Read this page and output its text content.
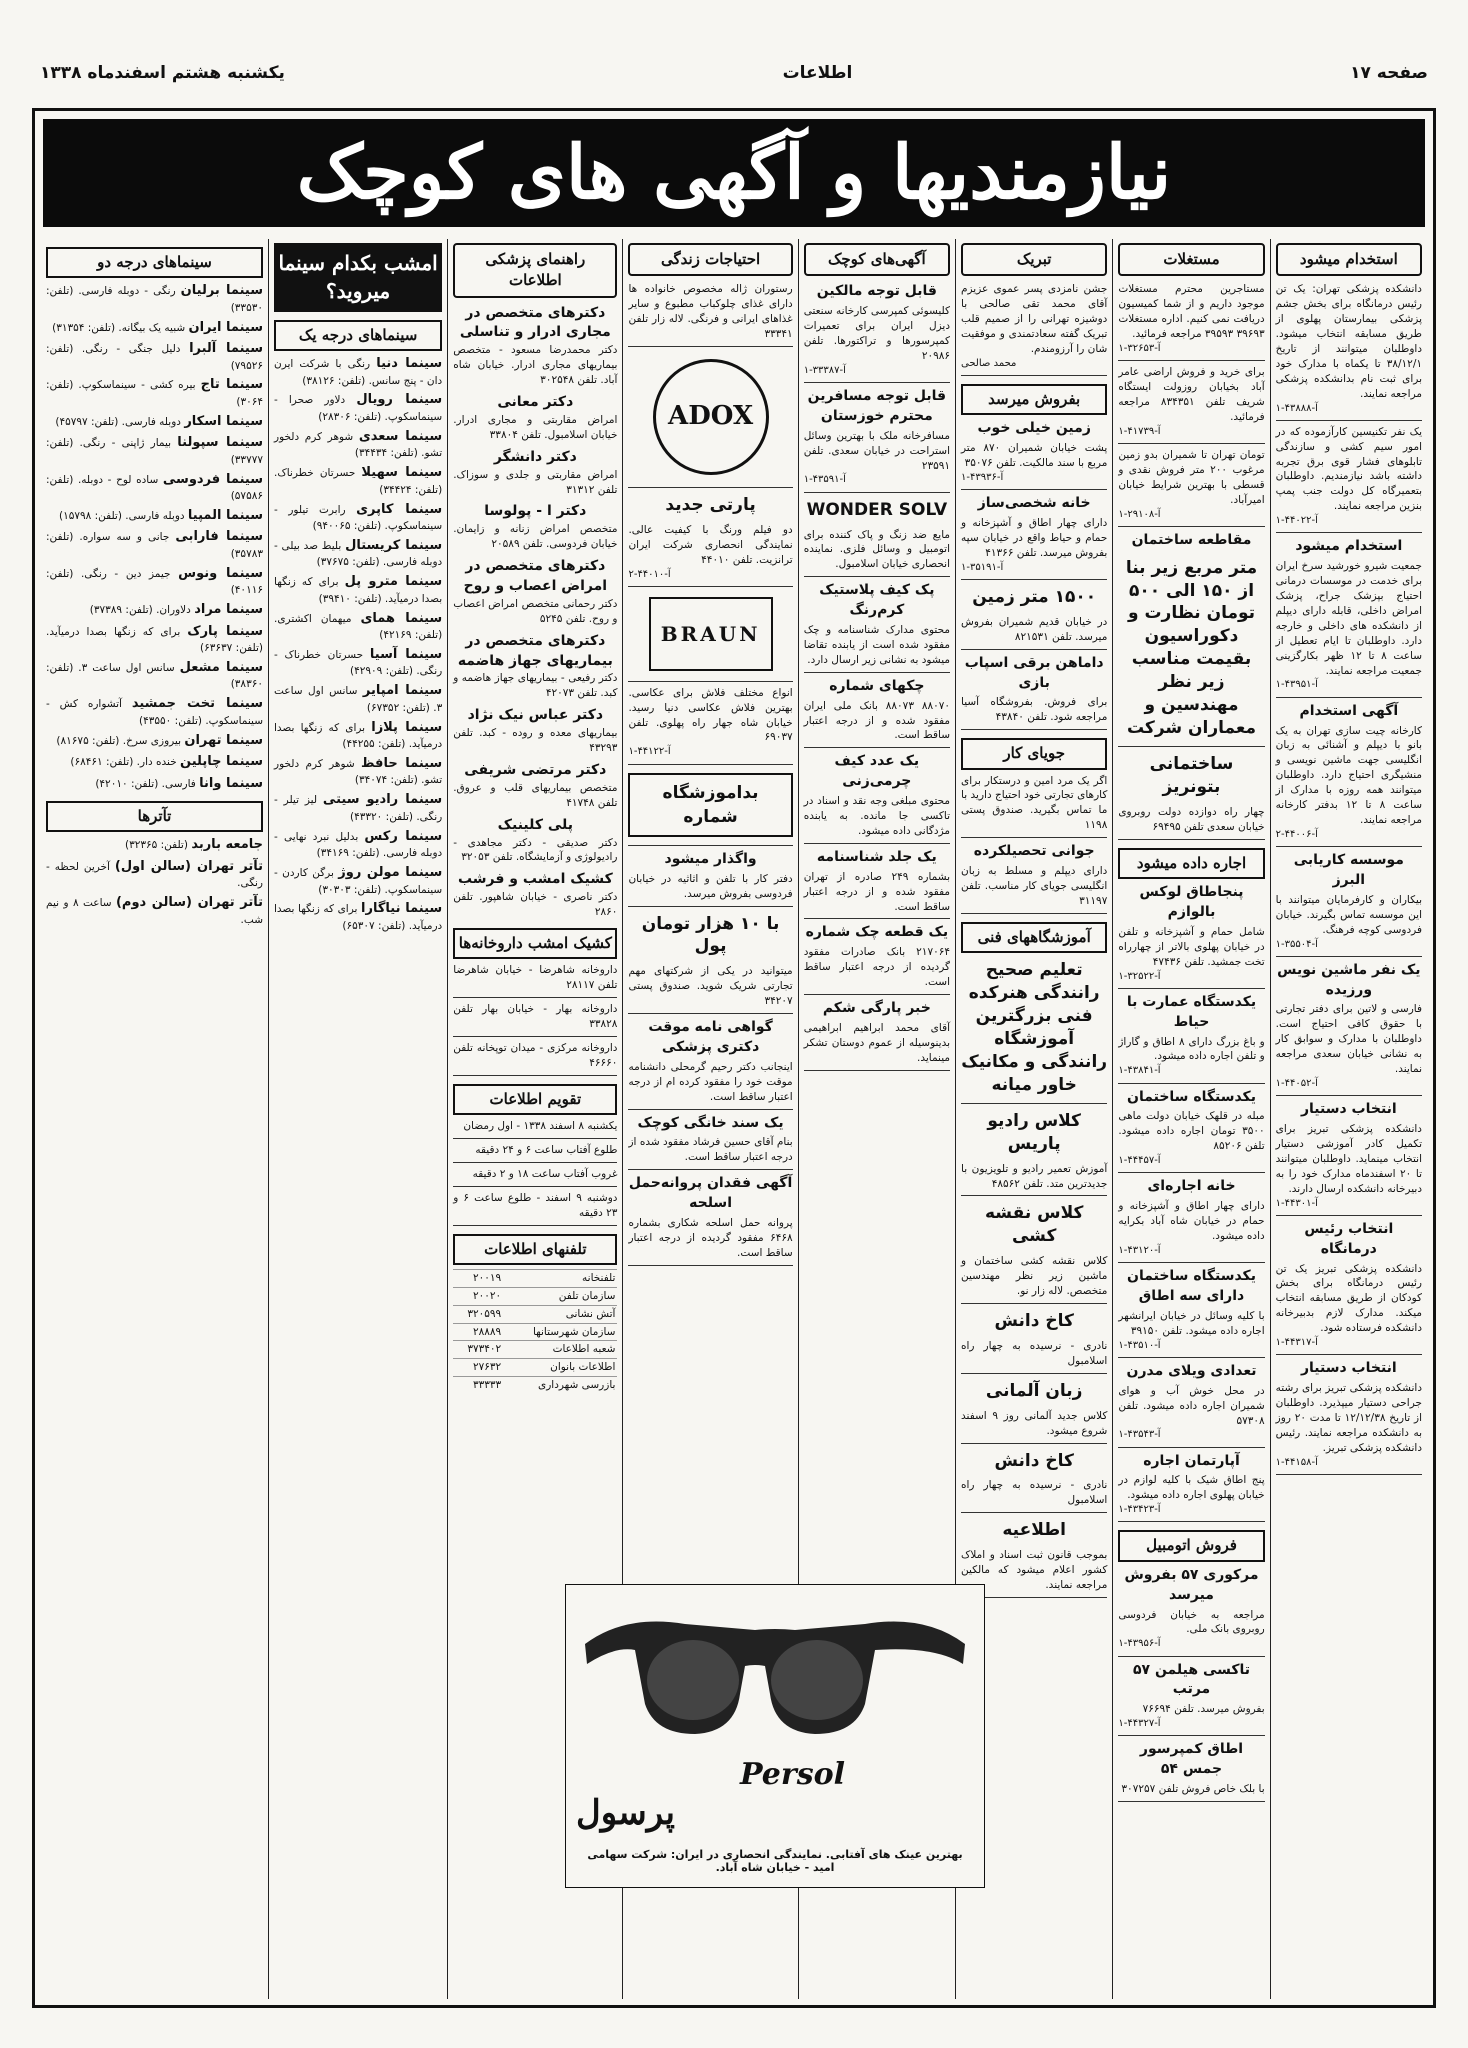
صفحه ۱۷
اطلاعات
یکشنبه هشتم اسفندماه ۱۳۳۸
نیازمندیها و آگهی های کوچک
استخدام میشود
دانشکده پزشکی تهران: یک تن رئیس درمانگاه برای بخش جشم پزشکی بیمارستان پهلوی از طریق مسابقه انتخاب میشود. داوطلبان میتوانند از تاریخ ۳۸/۱۲/۱ تا یکماه با مدارک خود برای ثبت نام بدانشکده پزشکی مراجعه نمایند.
آ-۴۳۸۸۸-۱
یک نفر تکنیسین کارآزموده که در امور سیم کشی و سازندگی تابلوهای فشار قوی برق تجربه داشته باشد نیازمندیم. داوطلبان بتعمیرگاه کل دولت جنب پمپ بنزین مراجعه نمایند.
آ-۴۴۰۲۲-۱
استخدام میشود
جمعیت شیرو خورشید سرخ ایران برای خدمت در موسسات درمانی احتیاج بپزشک جراح، پزشک امراض داخلی، قابله دارای دیپلم از دانشکده های داخلی و خارجه دارد. داوطلبان تا ایام تعطیل از ساعت ۸ تا ۱۲ ظهر بکارگزینی جمعیت مراجعه نمایند.
آ-۴۳۹۵۱-۱
آگهی استخدام
کارخانه چیت سازی تهران به یک بانو با دیپلم و آشنائی به زبان انگلیسی جهت ماشین نویسی و منشیگری احتیاج دارد. داوطلبان میتوانند همه روزه با مدارک از ساعت ۸ تا ۱۲ بدفتر کارخانه مراجعه نمایند.
آ-۴۴۰۰۶-۲
موسسه کاریابی البرز
بیکاران و کارفرمایان میتوانند با این موسسه تماس بگیرند. خیابان فردوسی کوچه فرهنگ.
آ-۳۵۵۰۴-۱
یک نفر ماشین نویس ورزیده
فارسی و لاتین برای دفتر تجارتی با حقوق کافی احتیاج است. داوطلبان با مدارک و سوابق کار به نشانی خیابان سعدی مراجعه نمایند.
آ-۴۴۰۵۲-۱
انتخاب دستیار
دانشکده پزشکی تبریز برای تکمیل کادر آموزشی دستیار انتخاب مینماید. داوطلبان میتوانند تا ۲۰ اسفندماه مدارک خود را به دبیرخانه دانشکده ارسال دارند.
آ-۴۴۳۰۱-۱
انتخاب رئیس درمانگاه
دانشکده پزشکی تبریز یک تن رئیس درمانگاه برای بخش کودکان از طریق مسابقه انتخاب میکند. مدارک لازم بدبیرخانه دانشکده فرستاده شود.
آ-۴۴۳۱۷-۱
انتخاب دستیار
دانشکده پزشکی تبریز برای رشته جراحی دستیار میپذیرد. داوطلبان از تاریخ ۱۲/۱۲/۳۸ تا مدت ۲۰ روز به دانشکده مراجعه نمایند. رئیس دانشکده پزشکی تبریز.
آ-۴۴۱۵۸-۱
مستغلات
مستاجرین محترم مستغلات موجود داریم و از شما کمیسیون دریافت نمی کنیم. اداره مستغلات ۳۹۶۹۳ ۳۹۵۹۳ مراجعه فرمائید.
آ-۳۲۶۵۳-۱
برای خرید و فروش اراضی عامر آباد بخیابان روزولت ایستگاه شریف تلفن ۸۳۴۳۵۱ مراجعه فرمائید.
آ-۴۱۷۳۹-۱
تومان تهران تا شمیران بدو زمین مرغوب ۲۰۰ متر فروش نقدی و قسطی با بهترین شرایط خیابان امیرآباد.
آ-۲۹۱۰۸-۱
مقاطعه ساختمان
متر مربع زیر بنا از ۱۵۰ الی ۵۰۰ تومان نظارت و دکوراسیون بقیمت مناسب زیر نظر مهندسین و معماران شرکت
ساختمانی بتونریز
چهار راه دوازده دولت روبروی خیابان سعدی تلفن ۶۹۴۹۵
اجاره داده میشود
پنجاطاق لوکس بالوازم
شامل حمام و آشپزخانه و تلفن در خیابان پهلوی بالاتر از چهارراه تخت جمشید. تلفن ۴۷۴۳۶
آ-۳۲۵۲۲-۱
یکدستگاه عمارت با حیاط
و باغ بزرگ دارای ۸ اطاق و گاراژ و تلفن اجاره داده میشود.
آ-۴۳۸۴۱-۱
یکدستگاه ساختمان
مبله در قلهک خیابان دولت ماهی ۳۵۰۰ تومان اجاره داده میشود. تلفن ۸۵۲۰۶
آ-۴۴۴۵۷-۱
خانه اجاره‌ای
دارای چهار اطاق و آشپزخانه و حمام در خیابان شاه آباد بکرایه داده میشود.
آ-۴۳۱۲۰-۱
یکدستگاه ساختمان دارای سه اطاق
با کلیه وسائل در خیابان ایرانشهر اجاره داده میشود. تلفن ۳۹۱۵۰
آ-۴۳۵۱۰-۱
تعدادی ویلای مدرن
در محل خوش آب و هوای شمیران اجاره داده میشود. تلفن ۵۷۳۰۸
آ-۴۳۵۴۳-۱
آپارتمان اجاره
پنج اطاق شیک با کلیه لوازم در خیابان پهلوی اجاره داده میشود.
آ-۴۳۴۲۳-۱
فروش اتومبیل
مرکوری ۵۷ بفروش میرسد
مراجعه به خیابان فردوسی روبروی بانک ملی.
آ-۴۳۹۵۶-۱
تاکسی هیلمن ۵۷ مرتب
بفروش میرسد. تلفن ۷۶۶۹۴
آ-۴۴۳۲۷-۱
اطاق کمپرسور جمس ۵۴
با بلک خاص فروش تلفن ۳۰۷۲۵۷
تبریک
جشن نامزدی پسر عموی عزیزم آقای محمد تقی صالحی با دوشیزه تهرانی را از صمیم قلب تبریک گفته سعادتمندی و موفقیت شان را آرزومندم.
محمد صالحی
بفروش میرسد
زمین خیلی خوب
پشت خیابان شمیران ۸۷۰ متر مربع با سند مالکیت. تلفن ۳۵۰۷۶
آ-۴۳۹۳۶-۱
خانه شخصی‌ساز
دارای چهار اطاق و آشپزخانه و حمام و حیاط واقع در خیابان سپه بفروش میرسد. تلفن ۴۱۳۶۶
آ-۳۵۱۹۱-۱
۱۵۰۰ متر زمین
در خیابان قدیم شمیران بفروش میرسد. تلفن ۸۲۱۵۳۱
داماهن برقی اسپاب بازی
برای فروش. بفروشگاه آسیا مراجعه شود. تلفن ۴۳۸۴۰
جویای کار
اگر یک مرد امین و درستکار برای کارهای تجارتی خود احتیاج دارید با ما تماس بگیرید. صندوق پستی ۱۱۹۸
جوانی تحصیلکرده
دارای دیپلم و مسلط به زبان انگلیسی جویای کار مناسب. تلفن ۳۱۱۹۷
آموزشگاههای فنی
تعلیم صحیح رانندگی هنرکده فنی بزرگترین آموزشگاه رانندگی و مکانیک خاور میانه
کلاس رادیو پاریس
آموزش تعمیر رادیو و تلویزیون با جدیدترین متد. تلفن ۴۸۵۶۲
کلاس نقشه کشی
کلاس نقشه کشی ساختمان و ماشین زیر نظر مهندسین متخصص. لاله زار نو.
کاخ دانش
نادری - نرسیده به چهار راه اسلامبول
زبان آلمانی
کلاس جدید آلمانی روز ۹ اسفند شروع میشود.
کاخ دانش
نادری - نرسیده به چهار راه اسلامبول
اطلاعیه
بموجب قانون ثبت اسناد و املاک کشور اعلام میشود که مالکین مراجعه نمایند.
آگهی‌های کوچک
قابل توجه مالکین
کلیسوئی کمپرسی کارخانه سنعتی دیزل ایران برای تعمیرات کمپرسورها و تراکتورها. تلفن ۲۰۹۸۶
آ-۳۳۳۸۷-۱
قابل توجه مسافرین محترم خوزستان
مسافرخانه ملک با بهترین وسائل استراحت در خیابان سعدی. تلفن ۲۳۵۹۱
آ-۴۳۵۹۱-۱
WONDER SOLV
مایع ضد زنگ و پاک کننده برای اتومبیل و وسائل فلزی. نماینده انحصاری خیابان اسلامبول.
پک کیف پلاستیک کرم‌رنگ
محتوی مدارک شناسنامه و چک مفقود شده است از یابنده تقاضا میشود به نشانی زیر ارسال دارد.
چکهای شماره
۸۸۰۷۰ ۸۸۰۷۳ بانک ملی ایران مفقود شده و از درجه اعتبار ساقط است.
یک عدد کیف چرمی‌زنی
محتوی مبلغی وجه نقد و اسناد در تاکسی جا مانده. به یابنده مژدگانی داده میشود.
یک جلد شناسنامه
بشماره ۲۴۹ صادره از تهران مفقود شده و از درجه اعتبار ساقط است.
یک قطعه چک شماره
۲۱۷۰۶۴ بانک صادرات مفقود گردیده از درجه اعتبار ساقط است.
خبر پارگی شکم
آقای محمد ابراهیم ابراهیمی بدینوسیله از عموم دوستان تشکر مینماید.
احتیاجات زندگی
رستوران ژاله مخصوص خانواده ها دارای غذای چلوکباب مطبوع و سایر غذاهای ایرانی و فرنگی. لاله زار تلفن ۳۳۳۴۱
ADOX
پارتی جدید
دو فیلم ورنگ با کیفیت عالی. نمایندگی انحصاری شرکت ایران ترانزیت. تلفن ۴۴۰۱۰
آ-۴۴۰۱۰-۲
BRAUN
انواع مختلف فلاش برای عکاسی. بهترین فلاش عکاسی دنیا رسید. خیابان شاه جهار راه پهلوی. تلفن ۶۹۰۳۷
آ-۴۴۱۲۲-۱
بداموزشگاه شماره
واگذار میشود
دفتر کار با تلفن و اثاثیه در خیابان فردوسی بفروش میرسد.
با ۱۰ هزار تومان پول
میتوانید در یکی از شرکتهای مهم تجارتی شریک شوید. صندوق پستی ۳۴۲۰۷
گواهی نامه موقت دکتری پزشکی
اینجانب دکتر رحیم گرمحلی دانشنامه موقت خود را مفقود کرده ام از درجه اعتبار ساقط است.
یک سند خانگی کوچک
بنام آقای حسین فرشاد مفقود شده از درجه اعتبار ساقط است.
آگهی فقدان پروانه‌حمل اسلحه
پروانه حمل اسلحه شکاری بشماره ۶۴۶۸ مفقود گردیده از درجه اعتبار ساقط است.
راهنمای پزشکی اطلاعات
دکترهای متخصص در مجاری ادرار و تناسلی
دکتر محمدرضا مسعود - متخصص بیماریهای مجاری ادرار. خیابان شاه آباد. تلفن ۳۰۲۵۴۸
دکتر معانی
امراض مقاربتی و مجاری ادرار. خیابان اسلامبول. تلفن ۳۳۸۰۴
دکتر دانشگر
امراض مقاربتی و جلدی و سوزاک. تلفن ۳۱۳۱۲
دکتر ا - پولوسا
متخصص امراض زنانه و زایمان. خیابان فردوسی. تلفن ۲۰۵۸۹
دکترهای متخصص در امراض اعصاب و روح
دکتر رحمانی متخصص امراض اعصاب و روح. تلفن ۵۲۴۵
دکترهای متخصص در بیماریهای جهاز هاضمه
دکتر رفیعی - بیماریهای جهاز هاضمه و کبد. تلفن ۴۲۰۷۳
دکتر عباس نیک نژاد
بیماریهای معده و روده - کبد. تلفن ۴۳۲۹۳
دکتر مرتضی شریفی
متخصص بیماریهای قلب و عروق. تلفن ۴۱۷۴۸
پلی کلینیک
دکتر صدیقی - دکتر مجاهدی - رادیولوژی و آزمایشگاه. تلفن ۳۲۰۵۳
کشیک امشب و فرشب
دکتر ناصری - خیابان شاهپور. تلفن ۲۸۶۰
کشیک امشب داروخانه‌ها
داروخانه شاهرضا - خیابان شاهرضا تلفن ۲۸۱۱۷
داروخانه بهار - خیابان بهار تلفن ۳۳۸۲۸
داروخانه مرکزی - میدان توپخانه تلفن ۴۶۶۶۰
تقویم اطلاعات
یکشنبه ۸ اسفند ۱۳۳۸ - اول رمضان
طلوع آفتاب ساعت ۶ و ۲۴ دقیقه
غروب آفتاب ساعت ۱۸ و ۲ دقیقه
دوشنبه ۹ اسفند - طلوع ساعت ۶ و ۲۳ دقیقه
تلفنهای اطلاعات
تلفنخانه	۲۰۰۱۹
سازمان تلفن	۲۰۰۲۰
آتش نشانی	۳۲۰۵۹۹
سازمان شهرستانها	۲۸۸۸۹
شعبه اطلاعات	۳۷۳۴۰۲
اطلاعات بانوان	۲۷۶۳۲
بازرسی شهرداری	۳۳۳۳۳
امشب بکدام سینما میروید؟
سینماهای درجه یک
سینما دنیا رنگی با شرکت ایرن دان - پنج سانس. (تلفن: ۳۸۱۲۶)
سینما رویال دلاور صحرا - سینماسکوپ. (تلفن: ۲۸۳۰۶)
سینما سعدی شوهر کرم دلخور تشو. (تلفن: ۳۴۴۳۴)
سینما سهیلا حسرتان خطرناک. (تلفن: ۳۴۴۲۴)
سینما کاپری رابرت تیلور - سینماسکوپ. (تلفن: ۹۴۰۰۶۵)
سینما کریستال بلیط صد بیلی - دوبله فارسی. (تلفن: ۳۷۶۷۵)
سینما مترو پل برای که زنگها بصدا درمیآید. (تلفن: ۳۹۴۱۰)
سینما همای میهمان اکشتری. (تلفن: ۴۲۱۶۹)
سینما آسیا حسرتان خطرناک - رنگی. (تلفن: ۴۲۹۰۹)
سینما امپایر سانس اول ساعت ۳. (تلفن: ۶۷۳۵۲)
سینما پلازا برای که زنگها بصدا درمیآید. (تلفن: ۴۴۲۵۵)
سینما حافظ شوهر کرم دلخور تشو. (تلفن: ۳۴۰۷۴)
سینما رادیو سیتی لیز تیلر - رنگی. (تلفن: ۴۳۳۲۰)
سینما رکس بدلیل نبرد نهایی - دوبله فارسی. (تلفن: ۳۴۱۶۹)
سینما مولن روژ برگن کاردن - سینماسکوپ. (تلفن: ۳۰۳۰۳)
سینما نیاگارا برای که زنگها بصدا درمیآید. (تلفن: ۶۵۳۰۷)
سینماهای درجه دو
سینما برلیان رنگی - دوبله فارسی. (تلفن: ۳۳۵۳۰)
سینما ایران شبیه یک بیگانه. (تلفن: ۳۱۳۵۴)
سینما آلبرا دلیل جنگی - رنگی. (تلفن: ۷۹۵۲۶)
سینما تاج بیره کشی - سینماسکوپ. (تلفن: ۳۰۶۴)
سینما اسکار دوبله فارسی. (تلفن: ۴۵۷۹۷)
سینما سپولنا بیمار ژاپنی - رنگی. (تلفن: ۳۳۷۷۷)
سینما فردوسی ساده لوح - دوبله. (تلفن: ۵۷۵۸۶)
سینما المپیا دوبله فارسی. (تلفن: ۱۵۷۹۸)
سینما فارابی جانی و سه سواره. (تلفن: ۳۵۷۸۳)
سینما ونوس جیمز دین - رنگی. (تلفن: ۴۰۱۱۶)
سینما مراد دلاوران. (تلفن: ۳۷۳۸۹)
سینما پارک برای که زنگها بصدا درمیآید. (تلفن: ۶۳۶۳۷)
سینما مشعل سانس اول ساعت ۳. (تلفن: ۳۸۳۶۰)
سینما تخت جمشید آتشواره کش - سینماسکوپ. (تلفن: ۴۳۵۵۰)
سینما تهران بیروزی سرخ. (تلفن: ۸۱۶۷۵)
سینما چاپلین خنده دار. (تلفن: ۶۸۴۶۱)
سینما وانا فارسی. (تلفن: ۴۲۰۱۰)
تآترها
جامعه باربد (تلفن: ۳۲۳۶۵)
تآتر تهران (سالن اول) آخرین لحظه - رنگی.
تآتر تهران (سالن دوم) ساعت ۸ و نیم شب.
Persol
پرسول
بهترین عینک های آفتابی. نمایندگی انحصاری در ایران: شرکت سهامی امید - خیابان شاه آباد.
